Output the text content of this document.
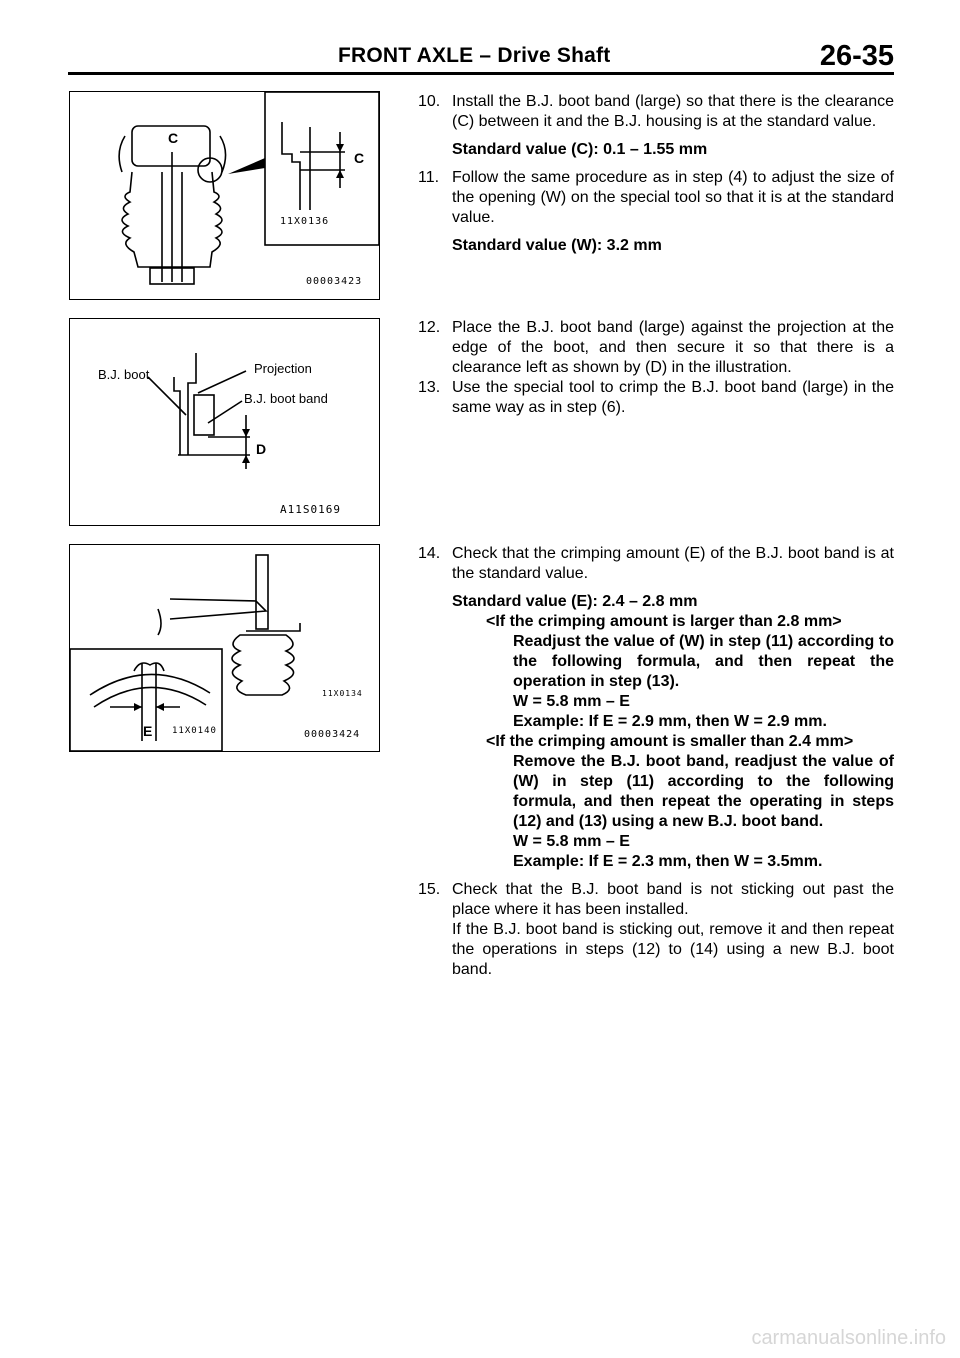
FRONT AXLE – Drive Shaft	26-35
C
C
11X0136
00003423
B.J. boot	Projection
B.J. boot band
D
A11S0169
E 11X0140
11X0134
00003424

10. Install the B.J. boot band (large) so that there is the clearance (C) between it and the B.J. housing is at the standard value.

Standard value (C): 0.1 – 1.55 mm

11. Follow the same procedure as in step (4) to adjust the size of the opening (W) on the special tool so that it is at the standard value.

Standard value (W): 3.2 mm

12. Place the B.J. boot band (large) against the projection at the edge of the boot, and then secure it so that there is a clearance left as shown by (D) in the illustration.

13. Use the special tool to crimp the B.J. boot band (large) in the same way as in step (6).

14. Check that the crimping amount (E) of the B.J. boot band is at the standard value.

Standard value (E): 2.4 – 2.8 mm

<If the crimping amount is larger than 2.8 mm>

Readjust the value of (W) in step (11) according to the following formula, and then repeat the operation in step (13).

W = 5.8 mm – E

Example: If E = 2.9 mm, then W = 2.9 mm.

<If the crimping amount is smaller than 2.4 mm>

Remove the B.J. boot band, readjust the value of (W) in step (11) according to the following formula, and then repeat the operating in steps (12) and (13) using a new B.J. boot band.

W = 5.8 mm – E

Example: If E = 2.3 mm, then W = 3.5mm.

15. Check that the B.J. boot band is not sticking out past the place where it has been installed.

If the B.J. boot band is sticking out, remove it and then repeat the operations in steps (12) to (14) using a new B.J. boot band.

carmanualsonline.info
